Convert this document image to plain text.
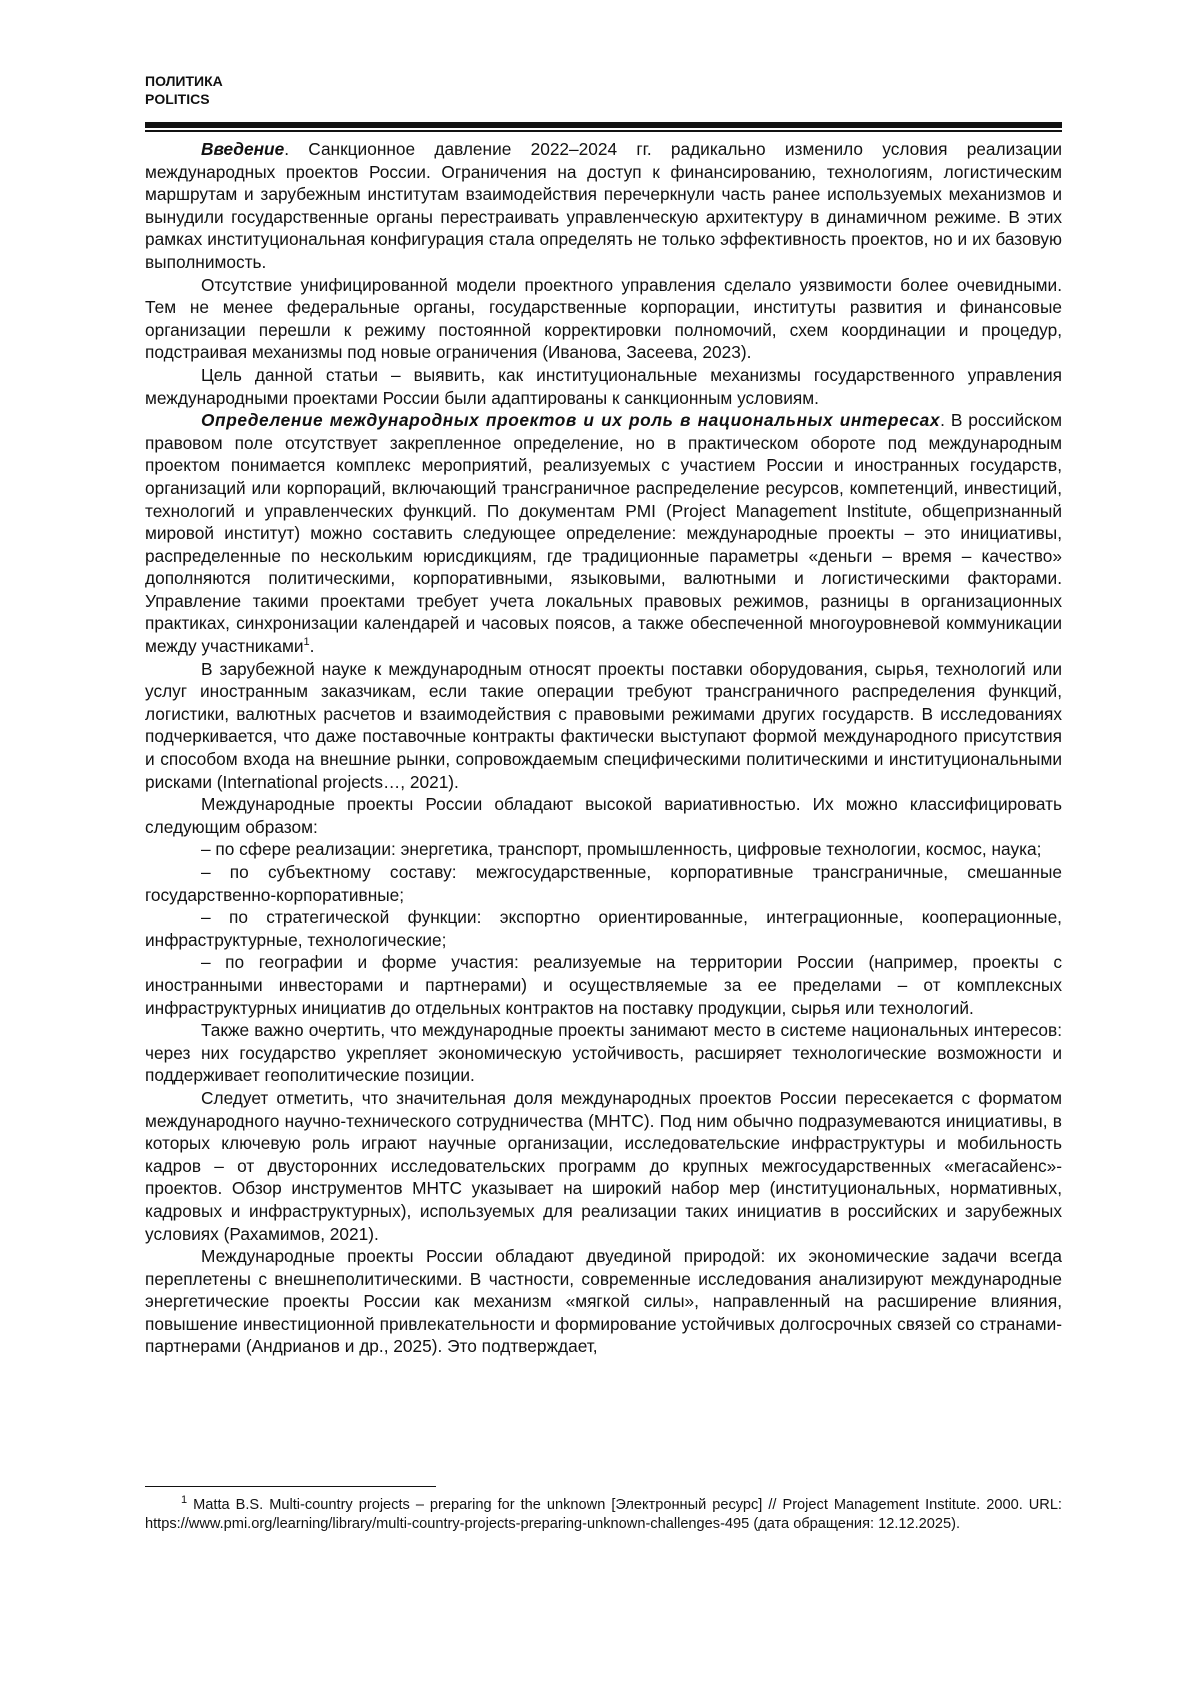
ПОЛИТИКА
POLITICS

Введение. Санкционное давление 2022–2024 гг. радикально изменило условия реализации международных проектов России. Ограничения на доступ к финансированию, технологиям, логистическим маршрутам и зарубежным институтам взаимодействия перечеркнули часть ранее используемых механизмов и вынудили государственные органы перестраивать управленческую архитектуру в динамичном режиме. В этих рамках институциональная конфигурация стала определять не только эффективность проектов, но и их базовую выполнимость.

Отсутствие унифицированной модели проектного управления сделало уязвимости более очевидными. Тем не менее федеральные органы, государственные корпорации, институты развития и финансовые организации перешли к режиму постоянной корректировки полномочий, схем координации и процедур, подстраивая механизмы под новые ограничения (Иванова, Засеева, 2023).

Цель данной статьи – выявить, как институциональные механизмы государственного управления международными проектами России были адаптированы к санкционным условиям.

Определение международных проектов и их роль в национальных интересах. В российском правовом поле отсутствует закрепленное определение, но в практическом обороте под международным проектом понимается комплекс мероприятий, реализуемых с участием России и иностранных государств, организаций или корпораций, включающий трансграничное распределение ресурсов, компетенций, инвестиций, технологий и управленческих функций. По документам PMI (Project Management Institute, общепризнанный мировой институт) можно составить следующее определение: международные проекты – это инициативы, распределенные по нескольким юрисдикциям, где традиционные параметры «деньги – время – качество» дополняются политическими, корпоративными, языковыми, валютными и логистическими факторами. Управление такими проектами требует учета локальных правовых режимов, разницы в организационных практиках, синхронизации календарей и часовых поясов, а также обеспеченной многоуровневой коммуникации между участниками$^1$.

В зарубежной науке к международным относят проекты поставки оборудования, сырья, технологий или услуг иностранным заказчикам, если такие операции требуют трансграничного распределения функций, логистики, валютных расчетов и взаимодействия с правовыми режимами других государств. В исследованиях подчеркивается, что даже поставочные контракты фактически выступают формой международного присутствия и способом входа на внешние рынки, сопровождаемым специфическими политическими и институциональными рисками (International projects…, 2021).

Международные проекты России обладают высокой вариативностью. Их можно классифицировать следующим образом:

– по сфере реализации: энергетика, транспорт, промышленность, цифровые технологии, космос, наука;

– по субъектному составу: межгосударственные, корпоративные трансграничные, смешанные государственно-корпоративные;

– по стратегической функции: экспортно ориентированные, интеграционные, кооперационные, инфраструктурные, технологические;

– по географии и форме участия: реализуемые на территории России (например, проекты с иностранными инвесторами и партнерами) и осуществляемые за ее пределами – от комплексных инфраструктурных инициатив до отдельных контрактов на поставку продукции, сырья или технологий.

Также важно очертить, что международные проекты занимают место в системе национальных интересов: через них государство укрепляет экономическую устойчивость, расширяет технологические возможности и поддерживает геополитические позиции.

Следует отметить, что значительная доля международных проектов России пересекается с форматом международного научно-технического сотрудничества (МНТС). Под ним обычно подразумеваются инициативы, в которых ключевую роль играют научные организации, исследовательские инфраструктуры и мобильность кадров – от двусторонних исследовательских программ до крупных межгосударственных «мегасайенс»-проектов. Обзор инструментов МНТС указывает на широкий набор мер (институциональных, нормативных, кадровых и инфраструктурных), используемых для реализации таких инициатив в российских и зарубежных условиях (Рахамимов, 2021).

Международные проекты России обладают двуединой природой: их экономические задачи всегда переплетены с внешнеполитическими. В частности, современные исследования анализируют международные энергетические проекты России как механизм «мягкой силы», направленный на расширение влияния, повышение инвестиционной привлекательности и формирование устойчивых долгосрочных связей со странами-партнерами (Андрианов и др., 2025). Это подтверждает,

$^1$ Matta B.S. Multi-country projects – preparing for the unknown [Электронный ресурс] // Project Management Institute. 2000. URL: https://www.pmi.org/learning/library/multi-country-projects-preparing-unknown-challenges-495 (дата обращения: 12.12.2025).
